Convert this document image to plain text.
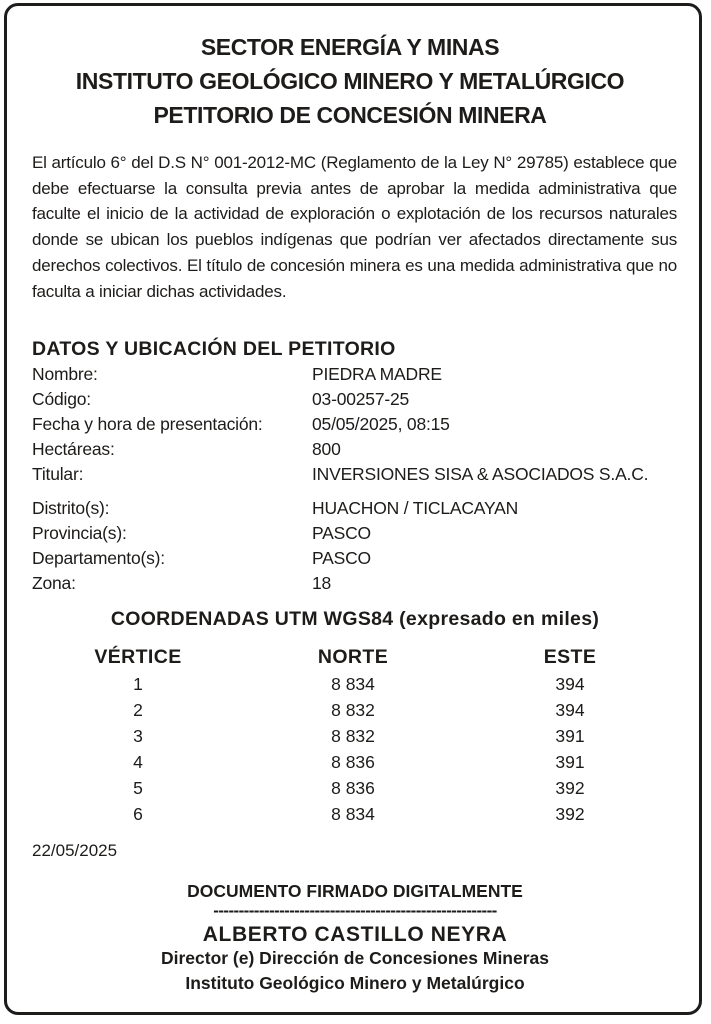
SECTOR ENERGÍA Y MINAS
INSTITUTO GEOLÓGICO MINERO Y METALÚRGICO
PETITORIO DE CONCESIÓN MINERA
El artículo 6° del D.S N° 001-2012-MC (Reglamento de la Ley N° 29785) establece que debe efectuarse la consulta previa antes de aprobar la medida administrativa que faculte el inicio de la actividad de exploración o explotación de los recursos naturales donde se ubican los pueblos indígenas que podrían ver afectados directamente sus derechos colectivos. El título de concesión minera es una medida administrativa que no faculta a iniciar dichas actividades.
DATOS Y UBICACIÓN DEL PETITORIO
Nombre:	PIEDRA MADRE
Código:	03-00257-25
Fecha y hora de presentación:	05/05/2025, 08:15
Hectáreas:	800
Titular:	INVERSIONES SISA & ASOCIADOS S.A.C.
Distrito(s):	HUACHON / TICLACAYAN
Provincia(s):	PASCO
Departamento(s):	PASCO
Zona:	18
COORDENADAS UTM WGS84 (expresado en miles)
VÉRTICE	NORTE	ESTE
1	8 834	394
2	8 832	394
3	8 832	391
4	8 836	391
5	8 836	392
6	8 834	392
22/05/2025
DOCUMENTO FIRMADO DIGITALMENTE
--------------------------------------------------------
ALBERTO CASTILLO NEYRA
Director (e) Dirección de Concesiones Mineras
Instituto Geológico Minero y Metalúrgico
